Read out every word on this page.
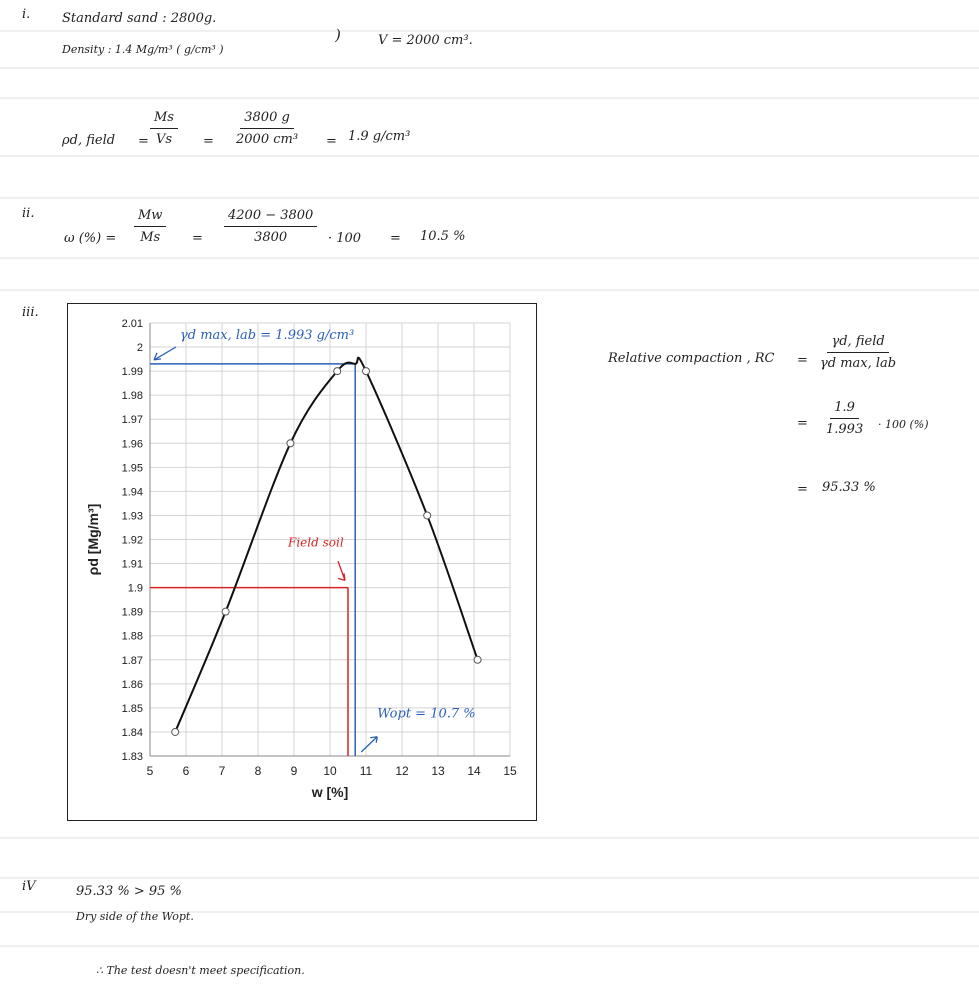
i. Standard sand : 2800g.
Density : 1.4 Mg/m³ ( g/cm³ )
)	V = 2000 cm³.
ρd, field = $\frac{Ms}{Vs} = \frac{3800 g}{\text{2000 cm³}} = 1.9$ g/cm³
ii.
ω (%) = $\frac{Mw}{Ms} = \frac{4200 - 3800}{3800} \cdot 100 = 10.5$ %
iii.
5 6 7 8 9 10 11 12 13 14 15
1.83
1.84
1.85
1.86
1.87
1.88
1.89
1.9
1.91
1.92
1.93
1.94
1.95
1.96
1.97
1.98
1.99
2
2.01
w [%]
ρd [Mg/m³]
γd max, lab = 1.993 g/cm³
Field soil
Wopt = 10.7 %
Relative compaction , RC =
γd, field
γd max, lab
= $\frac{1.9}{1.993} \cdot 100$ (%)
= 95.33 %
iV	95.33 % > 95 %
Dry side of the Wopt.
∴ The test doesn't meet specification.
